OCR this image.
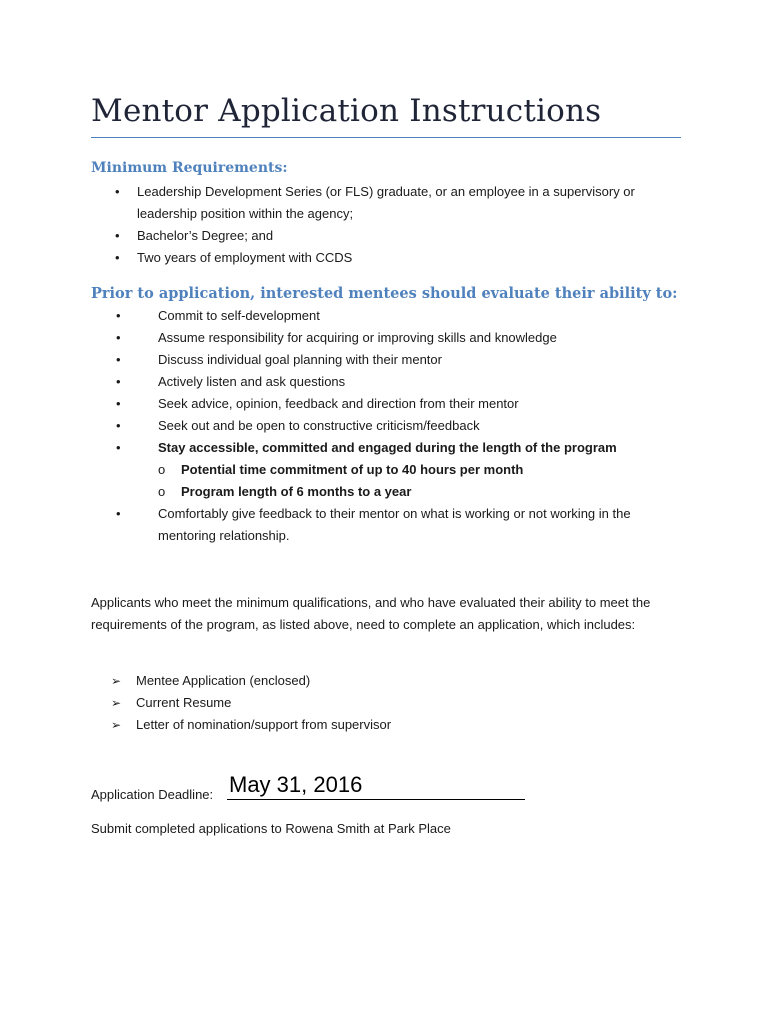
Mentor Application Instructions
Minimum Requirements:
• Leadership Development Series (or FLS) graduate, or an employee in a supervisory or leadership position within the agency;
• Bachelor’s Degree; and
• Two years of employment with CCDS
Prior to application, interested mentees should evaluate their ability to:
•	Commit to self-development
•	Assume responsibility for acquiring or improving skills and knowledge
•	Discuss individual goal planning with their mentor
•	Actively listen and ask questions
•	Seek advice, opinion, feedback and direction from their mentor
•	Seek out and be open to constructive criticism/feedback
•	Stay accessible, committed and engaged during the length of the program
o Potential time commitment of up to 40 hours per month
o Program length of 6 months to a year
•	Comfortably give feedback to their mentor on what is working or not working in the mentoring relationship.

Applicants who meet the minimum qualifications, and who have evaluated their ability to meet the requirements of the program, as listed above, need to complete an application, which includes:

➢ Mentee Application (enclosed)
➢ Current Resume
➢ Letter of nomination/support from supervisor
Application Deadline:
May 31, 2016
Submit completed applications to Rowena Smith at Park Place
